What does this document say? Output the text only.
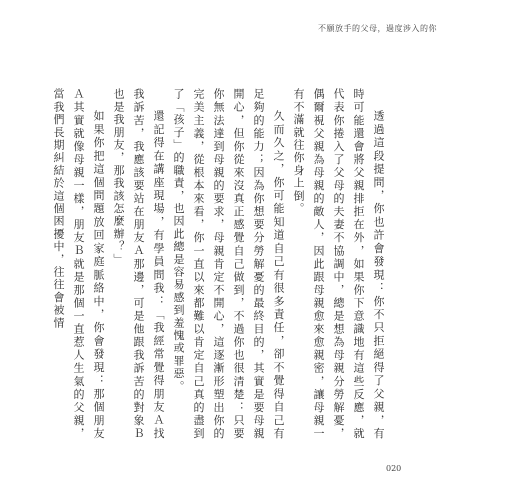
不願放手的父母，過度涉入的你

透過這段提問，你也許會發現：你不只拒絕得了父親，有時可能還會將父親排拒在外，如果你下意識地有這些反應，就代表你捲入了父母的夫妻不協調中，總是想為母親分勞解憂，偶爾視父親為母親的敵人，因此跟母親愈來愈親密，讓母親一有不滿就往你身上倒。

久而久之，你可能知道自己有很多責任，卻不覺得自己有足夠的能力；因為你想要分勞解憂的最終目的，其實是要母親開心，但你從來沒真正感覺自己做到，不過你也很清楚：只要你無法達到母親的要求，母親肯定不開心，這逐漸形塑出你的完美主義，從根本來看，你一直以來都難以肯定自己真的盡到了「孩子」的職責，也因此總是容易感到羞愧或罪惡。

還記得在講座現場，有學員問我：「我經常覺得朋友Ａ找我訴苦，我應該要站在朋友Ａ那邊，可是他跟我訴苦的對象Ｂ也是我朋友，那我該怎麼辦？」

如果你把這個問題放回家庭脈絡中，你會發現：那個朋友Ａ其實就像母親一樣，朋友Ｂ就是那個一直惹人生氣的父親，當我們長期糾結於這個困擾中，往往會被情

020
